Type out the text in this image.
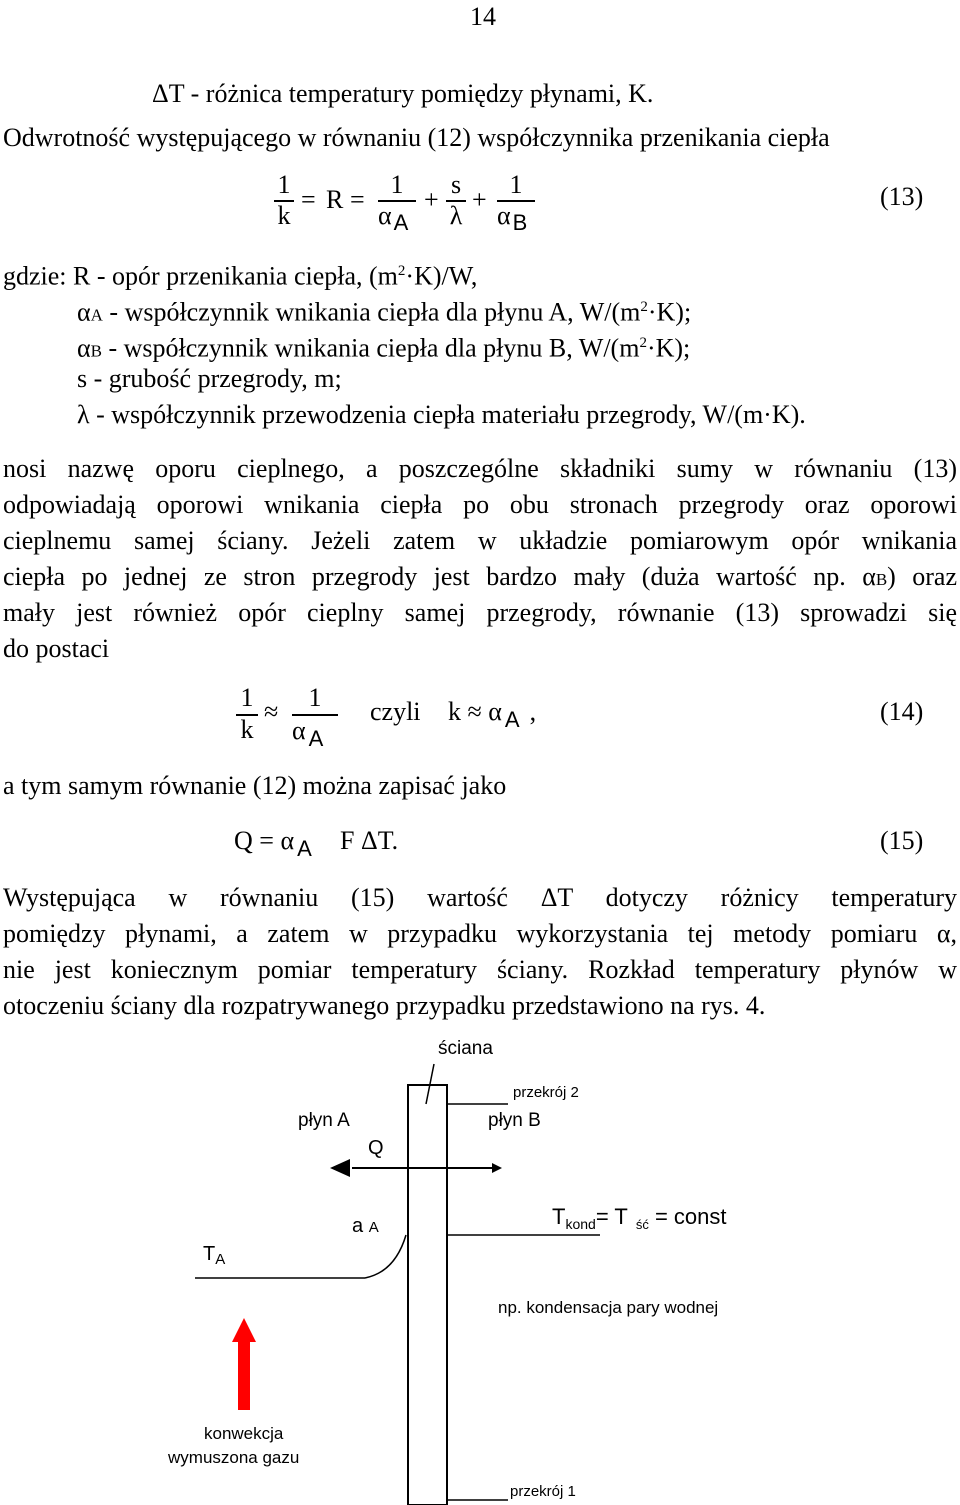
14
ΔT - różnica temperatury pomiędzy płynami, K.
Odwrotność występującego w równaniu (12) współczynnika przenikania ciepła
1
k
= R =
1
$\alpha_A$
+
s
λ
+
1
$\alpha_B$
(13)
gdzie: R - opór przenikania ciepła, $(m^2\cdot K)/W$,
αA - współczynnik wnikania ciepła dla płynu A, $W/(m^2\cdot K)$;
αB - współczynnik wnikania ciepła dla płynu B, $W/(m^2\cdot K)$;
s - grubość przegrody, m;
λ - współczynnik przewodzenia ciepła materiału przegrody, W/(m·K).
nosi nazwę oporu cieplnego, a poszczególne składniki sumy w równaniu (13)
odpowiadają oporowi wnikania ciepła po obu stronach przegrody oraz oporowi
cieplnemu samej ściany. Jeżeli zatem w układzie pomiarowym opór wnikania
ciepła po jednej ze stron przegrody jest bardzo mały (duża wartość np. αB) oraz
mały jest również opór cieplny samej przegrody, równanie (13) sprowadzi się
do postaci
1
k
≈	1
α $_A$
czyli k ≈ α $_A$ ,	(14)
a tym samym równanie (12) można zapisać jako
Q = α $_A$ F ΔT.	(15)
Występująca w równaniu (15) wartość ΔT dotyczy różnicy temperatury
pomiędzy płynami, a zatem w przypadku wykorzystania tej metody pomiaru α,
nie jest koniecznym pomiar temperatury ściany. Rozkład temperatury płynów w
otoczeniu ściany dla rozpatrywanego przypadku przedstawiono na rys. 4.
ściana
przekrój 2
płyn A	płyn B
Q
a A	$T_{kond}= T$ $_{ść}$ = const
$T_A$
np. kondensacja pary wodnej
konwekcja
wymuszona gazu
przekrój 1
